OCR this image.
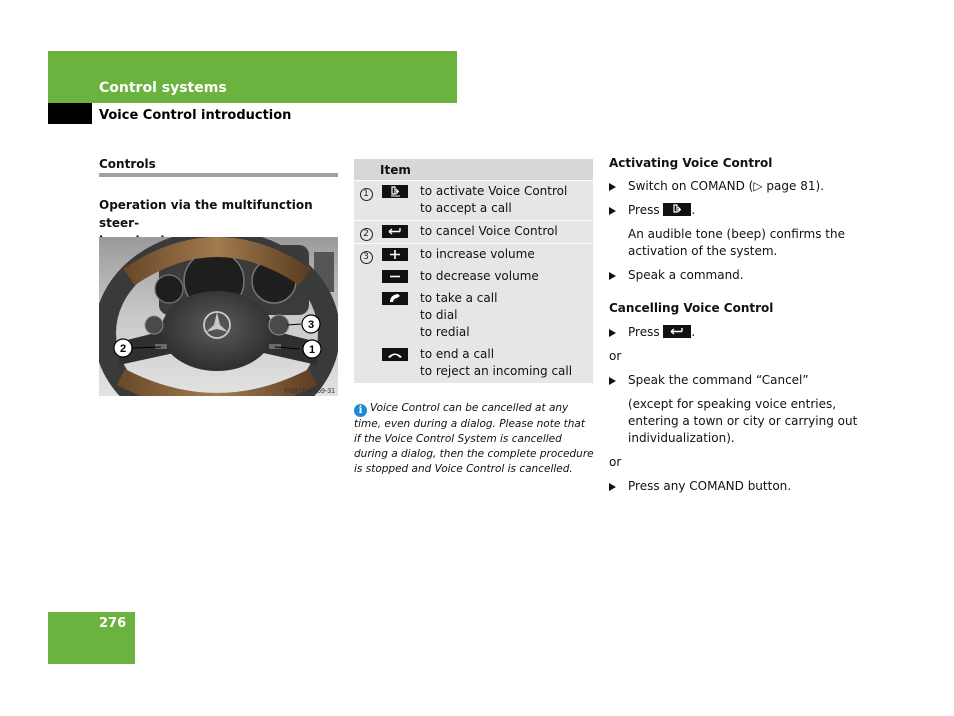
Control systems
Voice Control introduction
Controls
Operation via the multifunction steer-
2	1
3
P68.00-4569-31
	Item	
1		to activate Voice Control
to accept a call

2		to cancel Voice Control

3		to increase volume

to decrease volume

to take a call
to dial
to redial

to end a call
to reject an incoming call
i Voice Control can be cancelled at any time, even during a dialog. Please note that if the Voice Control System is cancelled during a dialog, then the complete procedure is stopped and Voice Control is cancelled.
Activating Voice Control
Switch on COMAND (▷ page 81).
Press	.
An audible tone (beep) confirms the activation of the system.
Speak a command.
Cancelling Voice Control
Press	.
or
Speak the command “Cancel”
(except for speaking voice entries, entering a town or city or carrying out individualization).
or
Press any COMAND button.
276
